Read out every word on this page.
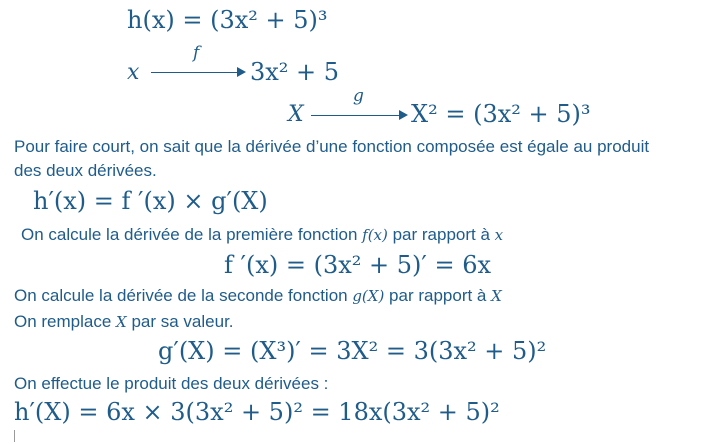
h(x) = (3x² + 5)³
x
f
3x² + 5
X
g
X² = (3x² + 5)³
Pour faire court, on sait que la dérivée d’une fonction composée est égale au produit
des deux dérivées.
h′(x) = f ′(x) × g′(X)
On calcule la dérivée de la première fonction f(x) par rapport à x
f ′(x) = (3x² + 5)′ = 6x
On calcule la dérivée de la seconde fonction g(X) par rapport à X
On remplace X par sa valeur.
g′(X) = (X³)′ = 3X² = 3(3x² + 5)²
On effectue le produit des deux dérivées :
h′(X) = 6x × 3(3x² + 5)² = 18x(3x² + 5)²
